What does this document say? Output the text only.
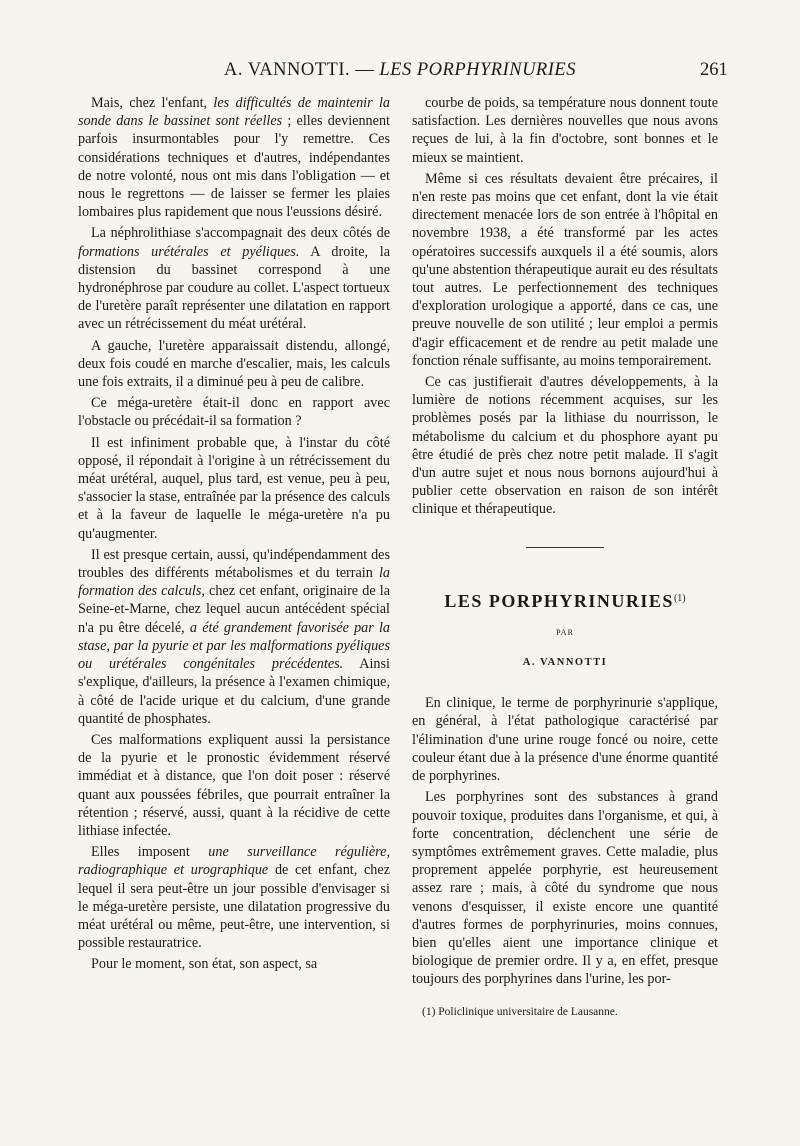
A. VANNOTTI. — LES PORPHYRINURIES	261

Mais, chez l'enfant, les difficultés de maintenir la sonde dans le bassinet sont réelles ; elles deviennent parfois insurmontables pour l'y remettre. Ces considérations techniques et d'autres, indépendantes de notre volonté, nous ont mis dans l'obligation — et nous le regrettons — de laisser se fermer les plaies lombaires plus rapidement que nous l'eussions désiré.

La néphrolithiase s'accompagnait des deux côtés de formations urétérales et pyéliques. A droite, la distension du bassinet correspond à une hydronéphrose par coudure au collet. L'aspect tortueux de l'uretère paraît représenter une dilatation en rapport avec un rétrécissement du méat urétéral.

A gauche, l'uretère apparaissait distendu, allongé, deux fois coudé en marche d'escalier, mais, les calculs une fois extraits, il a diminué peu à peu de calibre.

Ce méga-uretère était-il donc en rapport avec l'obstacle ou précédait-il sa formation ?

Il est infiniment probable que, à l'instar du côté opposé, il répondait à l'origine à un rétrécissement du méat urétéral, auquel, plus tard, est venue, peu à peu, s'associer la stase, entraînée par la présence des calculs et à la faveur de laquelle le méga-uretère n'a pu qu'augmenter.

Il est presque certain, aussi, qu'indépendamment des troubles des différents métabolismes et du terrain la formation des calculs, chez cet enfant, originaire de la Seine-et-Marne, chez lequel aucun antécédent spécial n'a pu être décelé, a été grandement favorisée par la stase, par la pyurie et par les malformations pyéliques ou urétérales congénitales précédentes. Ainsi s'explique, d'ailleurs, la présence à l'examen chimique, à côté de l'acide urique et du calcium, d'une grande quantité de phosphates.

Ces malformations expliquent aussi la persistance de la pyurie et le pronostic évidemment réservé immédiat et à distance, que l'on doit poser : réservé quant aux poussées fébriles, que pourrait entraîner la rétention ; réservé, aussi, quant à la récidive de cette lithiase infectée.

Elles imposent une surveillance régulière, radiographique et urographique de cet enfant, chez lequel il sera peut-être un jour possible d'envisager si le méga-uretère persiste, une dilatation progressive du méat urétéral ou même, peut-être, une intervention, si possible restauratrice.

Pour le moment, son état, son aspect, sa

courbe de poids, sa température nous donnent toute satisfaction. Les dernières nouvelles que nous avons reçues de lui, à la fin d'octobre, sont bonnes et le mieux se maintient.

Même si ces résultats devaient être précaires, il n'en reste pas moins que cet enfant, dont la vie était directement menacée lors de son entrée à l'hôpital en novembre 1938, a été transformé par les actes opératoires successifs auxquels il a été soumis, alors qu'une abstention thérapeutique aurait eu des résultats tout autres. Le perfectionnement des techniques d'exploration urologique a apporté, dans ce cas, une preuve nouvelle de son utilité ; leur emploi a permis d'agir efficacement et de rendre au petit malade une fonction rénale suffisante, au moins temporairement.

Ce cas justifierait d'autres développements, à la lumière de notions récemment acquises, sur les problèmes posés par la lithiase du nourrisson, le métabolisme du calcium et du phosphore ayant pu être étudié de près chez notre petit malade. Il s'agit d'un autre sujet et nous nous bornons aujourd'hui à publier cette observation en raison de son intérêt clinique et thérapeutique.

LES PORPHYRINURIES$^{(1)}$
PAR
A. VANNOTTI

En clinique, le terme de porphyrinurie s'applique, en général, à l'état pathologique caractérisé par l'élimination d'une urine rouge foncé ou noire, cette couleur étant due à la présence d'une énorme quantité de porphyrines.

Les porphyrines sont des substances à grand pouvoir toxique, produites dans l'organisme, et qui, à forte concentration, déclenchent une série de symptômes extrêmement graves. Cette maladie, plus proprement appelée porphyrie, est heureusement assez rare ; mais, à côté du syndrome que nous venons d'esquisser, il existe encore une quantité d'autres formes de porphyrinuries, moins connues, bien qu'elles aient une importance clinique et biologique de premier ordre. Il y a, en effet, presque toujours des porphyrines dans l'urine, les por-

(1) Policlinique universitaire de Lausanne.
